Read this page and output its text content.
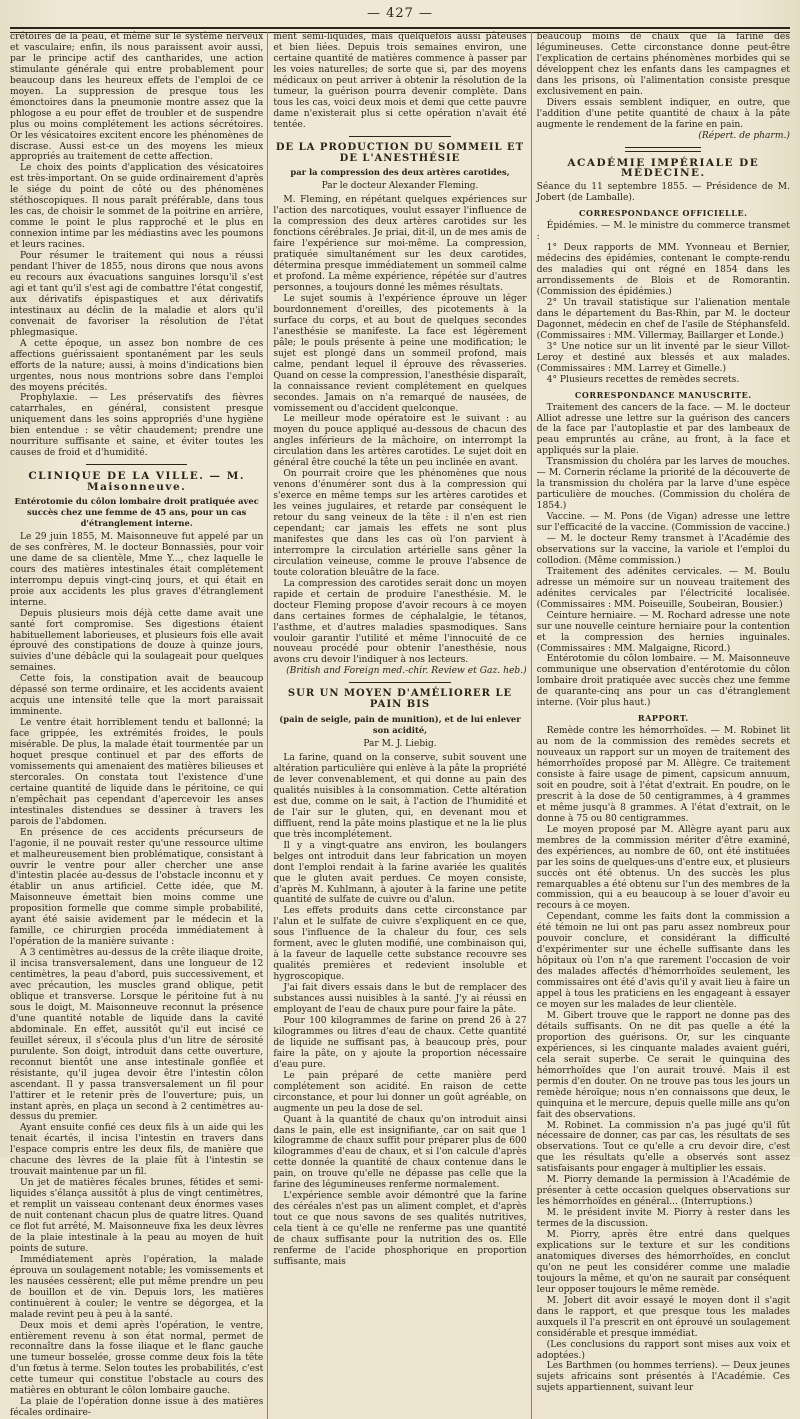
— 427 —

crétoires de la peau, et même sur le système nerveux et vasculaire; enfin, ils nous paraissent avoir aussi, par le principe actif des cantharides, une action stimulante générale qui entre probablement pour beaucoup dans les heureux effets de l'emploi de ce moyen. La suppression de presque tous les émonctoires dans la pneumonie montre assez que la phlogose a eu pour effet de troubler et de suspendre plus ou moins complétement les actions sécrétoires. Or les vésicatoires excitent encore les phénomènes de discrase. Aussi est-ce un des moyens les mieux appropriés au traitement de cette affection.

Le choix des points d'application des vésicatoires est très-important. On se guide ordinairement d'après le siége du point de côté ou des phénomènes stéthoscopiques. Il nous paraît préférable, dans tous les cas, de choisir le sommet de la poitrine en arrière, comme le point le plus rapproché et le plus en connexion intime par les médiastins avec les poumons et leurs racines.

Pour résumer le traitement qui nous a réussi pendant l'hiver de 1855, nous dirons que nous avons eu recours aux évacuations sanguines lorsqu'il s'est agi et tant qu'il s'est agi de combattre l'état congestif, aux dérivatifs épispastiques et aux dérivatifs intestinaux au déclin de la maladie et alors qu'il convenait de favoriser la résolution de l'état phlegmasique.

A cette époque, un assez bon nombre de ces affections guérissaient spontanément par les seuls efforts de la nature; aussi, à moins d'indications bien urgentes, nous nous montrions sobre dans l'emploi des moyens précités.

Prophylaxie. — Les préservatifs des fièvres catarrhales, en général, consistent presque uniquement dans les soins appropriés d'une hygiène bien entendue : se vêtir chaudement; prendre une nourriture suffisante et saine, et éviter toutes les causes de froid et d'humidité.

CLINIQUE DE LA VILLE. — M. Maisonneuve.
Entérotomie du côlon lombaire droit pratiquée avec succès chez une femme de 45 ans, pour un cas d'étranglement interne.

Le 29 juin 1855, M. Maisonneuve fut appelé par un de ses confrères, M. le docteur Bonnassiès, pour voir une dame de sa clientèle, Mme Y..., chez laquelle le cours des matières intestinales était complétement interrompu depuis vingt-cinq jours, et qui était en proie aux accidents les plus graves d'étranglement interne.

Depuis plusieurs mois déjà cette dame avait une santé fort compromise. Ses digestions étaient habituellement laborieuses, et plusieurs fois elle avait éprouvé des constipations de douze à quinze jours, suivies d'une débâcle qui la soulageait pour quelques semaines.

Cette fois, la constipation avait de beaucoup dépassé son terme ordinaire, et les accidents avaient acquis une intensité telle que la mort paraissait imminente.

Le ventre était horriblement tendu et ballonné; la face grippée, les extrémités froides, le pouls misérable. De plus, la malade était tourmentée par un hoquet presque continuel et par des efforts de vomissements qui amenaient des matières bilieuses et stercorales. On constata tout l'existence d'une certaine quantité de liquide dans le péritoine, ce qui n'empêchait pas cependant d'apercevoir les anses intestinales distendues se dessiner à travers les parois de l'abdomen.

En présence de ces accidents précurseurs de l'agonie, il ne pouvait rester qu'une ressource ultime et malheureusement bien problématique, consistant à ouvrir le ventre pour aller chercher une anse d'intestin placée au-dessus de l'obstacle inconnu et y établir un anus artificiel. Cette idée, que M. Maisonneuve émettait bien moins comme une proposition formelle que comme simple probabilité, ayant été saisie avidement par le médecin et la famille, ce chirurgien procéda immédiatement à l'opération de la manière suivante :

A 3 centimètres au-dessus de la crête iliaque droite, il incisa transversalement, dans une longueur de 12 centimètres, la peau d'abord, puis successivement, et avec précaution, les muscles grand oblique, petit oblique et transverse. Lorsque le péritoine fut à nu sous le doigt, M. Maisonneuve reconnut la présence d'une quantité notable de liquide dans la cavité abdominale. En effet, aussitôt qu'il eut incisé ce feuillet séreux, il s'écoula plus d'un litre de sérosité purulente. Son doigt, introduit dans cette ouverture, reconnut bientôt une anse intestinale gonflée et résistante, qu'il jugea devoir être l'intestin côlon ascendant. Il y passa transversalement un fil pour l'attirer et le retenir près de l'ouverture; puis, un instant après, en plaça un second à 2 centimètres au-dessus du premier.

Ayant ensuite confié ces deux fils à un aide qui les tenait écartés, il incisa l'intestin en travers dans l'espace compris entre les deux fils, de manière que chacune des lèvres de la plaie fût à l'intestin se trouvait maintenue par un fil.

Un jet de matières fécales brunes, fétides et semi-liquides s'élança aussitôt à plus de vingt centimètres, et remplit un vaisseau contenant deux énormes vases de nuit contenant chacun plus de quatre litres. Quand ce flot fut arrêté, M. Maisonneuve fixa les deux lèvres de la plaie intestinale à la peau au moyen de huit points de suture.

Immédiatement après l'opération, la malade éprouva un soulagement notable; les vomissements et les nausées cessèrent; elle put même prendre un peu de bouillon et de vin. Depuis lors, les matières continuèrent à couler; le ventre se dégorgea, et la malade revint peu à peu à la santé.

Deux mois et demi après l'opération, le ventre, entièrement revenu à son état normal, permet de reconnaître dans la fosse iliaque et le flanc gauche une tumeur bosselée, grosse comme deux fois la tête d'un fœtus à terme. Selon toutes les probabilités, c'est cette tumeur qui constitue l'obstacle au cours des matières en obturant le côlon lombaire gauche.

La plaie de l'opération donne issue à des matières fécales ordinaire-

ment semi-liquides, mais quelquefois aussi pâteuses et bien liées. Depuis trois semaines environ, une certaine quantité de matières commence à passer par les voies naturelles; de sorte que si, par des moyens médicaux on peut arriver à obtenir la résolution de la tumeur, la guérison pourra devenir complète. Dans tous les cas, voici deux mois et demi que cette pauvre dame n'existerait plus si cette opération n'avait été tentée.

DE LA PRODUCTION DU SOMMEIL ET DE L'ANESTHÉSIE
par la compression des deux artères carotides,
Par le docteur Alexander Fleming.

M. Fleming, en répétant quelques expériences sur l'action des narcotiques, voulut essayer l'influence de la compression des deux artères carotides sur les fonctions cérébrales. Je priai, dit-il, un de mes amis de faire l'expérience sur moi-même. La compression, pratiquée simultanément sur les deux carotides, détermina presque immédiatement un sommeil calme et profond. La même expérience, répétée sur d'autres personnes, a toujours donné les mêmes résultats.

Le sujet soumis à l'expérience éprouve un léger bourdonnement d'oreilles, des picotements à la surface du corps, et au bout de quelques secondes l'anesthésie se manifeste. La face est légèrement pâle; le pouls présente à peine une modification; le sujet est plongé dans un sommeil profond, mais calme, pendant lequel il éprouve des rêvasseries. Quand on cesse la compression, l'anesthésie disparaît, la connaissance revient complétement en quelques secondes. Jamais on n'a remarqué de nausées, de vomissement ou d'accident quelconque.

Le meilleur mode opératoire est le suivant : au moyen du pouce appliqué au-dessous de chacun des angles inférieurs de la mâchoire, on interrompt la circulation dans les artères carotides. Le sujet doit en général être couché la tête un peu inclinée en avant.

On pourrait croire que les phénomènes que nous venons d'énumérer sont dus à la compression qui s'exerce en même temps sur les artères carotides et les veines jugulaires, et retarde par conséquent le retour du sang veineux de la tête : il n'en est rien cependant; car jamais les effets ne sont plus manifestes que dans les cas où l'on parvient à interrompre la circulation artérielle sans gêner la circulation veineuse, comme le prouve l'absence de toute coloration bleuâtre de la face.

La compression des carotides serait donc un moyen rapide et certain de produire l'anesthésie. M. le docteur Fleming propose d'avoir recours à ce moyen dans certaines formes de céphalalgie, le tétanos, l'asthme, et d'autres maladies spasmodiques. Sans vouloir garantir l'utilité et même l'innocuité de ce nouveau procédé pour obtenir l'anesthésie, nous avons cru devoir l'indiquer à nos lecteurs.

(British and Foreign med.-chir. Review et Gaz. heb.)
SUR UN MOYEN D'AMÉLIORER LE PAIN BIS
(pain de seigle, pain de munition), et de lui enlever son acidité,
Par M. J. Liebig.

La farine, quand on la conserve, subit souvent une altération particulière qui enlève à la pâte la propriété de lever convenablement, et qui donne au pain des qualités nuisibles à la consommation. Cette altération est due, comme on le sait, à l'action de l'humidité et de l'air sur le gluten, qui, en devenant mou et diffluent, rend la pâte moins plastique et ne la lie plus que très incomplétement.

Il y a vingt-quatre ans environ, les boulangers belges ont introduit dans leur fabrication un moyen dont l'emploi rendait à la farine avariée les qualités que le gluten avait perdues. Ce moyen consiste, d'après M. Kuhlmann, à ajouter à la farine une petite quantité de sulfate de cuivre ou d'alun.

Les effets produits dans cette circonstance par l'alun et le sulfate de cuivre s'expliquent en ce que, sous l'influence de la chaleur du four, ces sels forment, avec le gluten modifié, une combinaison qui, à la faveur de laquelle cette substance recouvre ses qualités premières et redevient insoluble et hygroscopique.

J'ai fait divers essais dans le but de remplacer des substances aussi nuisibles à la santé. J'y ai réussi en employant de l'eau de chaux pure pour faire la pâte.

Pour 100 kilogrammes de farine on prend 26 à 27 kilogrammes ou litres d'eau de chaux. Cette quantité de liquide ne suffisant pas, à beaucoup près, pour faire la pâte, on y ajoute la proportion nécessaire d'eau pure.

Le pain préparé de cette manière perd complétement son acidité. En raison de cette circonstance, et pour lui donner un goût agréable, on augmente un peu la dose de sel.

Quant à la quantité de chaux qu'on introduit ainsi dans le pain, elle est insignifiante, car on sait que 1 kilogramme de chaux suffit pour préparer plus de 600 kilogrammes d'eau de chaux, et si l'on calcule d'après cette donnée la quantité de chaux contenue dans le pain, on trouve qu'elle ne dépasse pas celle que la farine des légumineuses renferme normalement.

L'expérience semble avoir démontré que la farine des céréales n'est pas un aliment complet, et d'après tout ce que nous savons de ses qualités nutritives, cela tient à ce qu'elle ne renferme pas une quantité de chaux suffisante pour la nutrition des os. Elle renferme de l'acide phosphorique en proportion suffisante, mais

beaucoup moins de chaux que la farine des légumineuses. Cette circonstance donne peut-être l'explication de certains phénomènes morbides qui se développent chez les enfants dans les campagnes et dans les prisons, où l'alimentation consiste presque exclusivement en pain.

Divers essais semblent indiquer, en outre, que l'addition d'une petite quantité de chaux à la pâte augmente le rendement de la farine en pain.

(Répert. de pharm.)
ACADÉMIE IMPÉRIALE DE MÉDECINE.

Séance du 11 septembre 1855. — Présidence de M. Jobert (de Lamballe).

CORRESPONDANCE OFFICIELLE.

Épidémies. — M. le ministre du commerce transmet :

1° Deux rapports de MM. Yvonneau et Bernier, médecins des épidémies, contenant le compte-rendu des maladies qui ont régné en 1854 dans les arrondissements de Blois et de Romorantin. (Commission des épidémies.)

2° Un travail statistique sur l'alienation mentale dans le département du Bas-Rhin, par M. le docteur Dagonnet, médecin en chef de l'asile de Stéphansfeld. (Commissaires : MM. Villermay, Baillarger et Londe.)

3° Une notice sur un lit inventé par le sieur Villot-Leroy et destiné aux blessés et aux malades. (Commissaires : MM. Larrey et Gimelle.)

4° Plusieurs recettes de remèdes secrets.

CORRESPONDANCE MANUSCRITE.

Traitement des cancers de la face. — M. le docteur Alliot adresse une lettre sur la guérison des cancers de la face par l'autoplastie et par des lambeaux de peau empruntés au crâne, au front, à la face et appliqués sur la plaie.

Transmission du choléra par les larves de mouches. — M. Cornerin réclame la priorité de la découverte de la transmission du choléra par la larve d'une espèce particulière de mouches. (Commission du choléra de 1854.)

Vaccine. — M. Pons (de Vigan) adresse une lettre sur l'efficacité de la vaccine. (Commission de vaccine.)

— M. le docteur Remy transmet à l'Académie des observations sur la vaccine, la variole et l'emploi du collodion. (Même commission.)

Traitement des adénites cervicales. — M. Boulu adresse un mémoire sur un nouveau traitement des adénites cervicales par l'électricité localisée. (Commissaires : MM. Poiseuille, Soubeiran, Bousier.)

Ceinture herniaire. — M. Rochard adresse une note sur une nouvelle ceinture herniaire pour la contention et la compression des hernies inguinales. (Commissaires : MM. Malgaigne, Ricord.)

Entérotomie du côlon lombaire. — M. Maisonneuve communique une observation d'entérotomie du côlon lombaire droit pratiquée avec succès chez une femme de quarante-cinq ans pour un cas d'étranglement interne. (Voir plus haut.)

RAPPORT.

Remède contre les hémorrhoïdes. — M. Robinet lit au nom de la commission des remèdes secrets et nouveaux un rapport sur un moyen de traitement des hémorrhoïdes proposé par M. Allègre. Ce traitement consiste à faire usage de piment, capsicum annuum, soit en poudre, soit à l'état d'extrait. En poudre, on le prescrit à la dose de 50 centigrammes, à 4 grammes et même jusqu'à 8 grammes. A l'état d'extrait, on le donne à 75 ou 80 centigrammes.

Le moyen proposé par M. Allègre ayant paru aux membres de la commission mériter d'être examiné, des expériences, au nombre de 60, ont été instituées par les soins de quelques-uns d'entre eux, et plusieurs succès ont été obtenus. Un des succès les plus remarquables a été obtenu sur l'un des membres de la commission, qui a eu beaucoup à se louer d'avoir eu recours à ce moyen.

Cependant, comme les faits dont la commission a été témoin ne lui ont pas paru assez nombreux pour pouvoir conclure, et considérant la difficulté d'expérimenter sur une échelle suffisante dans les hôpitaux où l'on n'a que rarement l'occasion de voir des malades affectés d'hémorrhoïdes seulement, les commissaires ont été d'avis qu'il y avait lieu à faire un appel à tous les praticiens en les engageant à essayer ce moyen sur les malades de leur clientèle.

M. Gibert trouve que le rapport ne donne pas des détails suffisants. On ne dit pas quelle a été la proportion des guérisons. Or, sur les cinquante expériences, si les cinquante malades avaient guéri, cela serait superbe. Ce serait le quinquina des hémorrhoïdes que l'on aurait trouvé. Mais il est permis d'en douter. On ne trouve pas tous les jours un remède héroïque; nous n'en connaissons que deux, le quinquina et le mercure, depuis quelle mille ans qu'on fait des observations.

M. Robinet. La commission n'a pas jugé qu'il fût nécessaire de donner, cas par cas, les résultats de ses observations. Tout ce qu'elle a cru devoir dire, c'est que les résultats qu'elle a observés sont assez satisfaisants pour engager à multiplier les essais.

M. Piorry demande la permission à l'Académie de présenter à cette occasion quelques observations sur les hémorrhoïdes en général... (Interruptions.)

M. le président invite M. Piorry à rester dans les termes de la discussion.

M. Piorry, après être entré dans quelques explications sur le texture et sur les conditions anatomiques diverses des hémorrhoïdes, en conclut qu'on ne peut les considérer comme une maladie toujours la même, et qu'on ne saurait par conséquent leur opposer toujours le même remède.

M. Jobert dit avoir essayé le moyen dont il s'agit dans le rapport, et que presque tous les malades auxquels il l'a prescrit en ont éprouvé un soulagement considérable et presque immédiat.

(Les conclusions du rapport sont mises aux voix et adoptées.)

Les Barthmen (ou hommes terriens). — Deux jeunes sujets africains sont présentés à l'Académie. Ces sujets appartiennent, suivant leur
